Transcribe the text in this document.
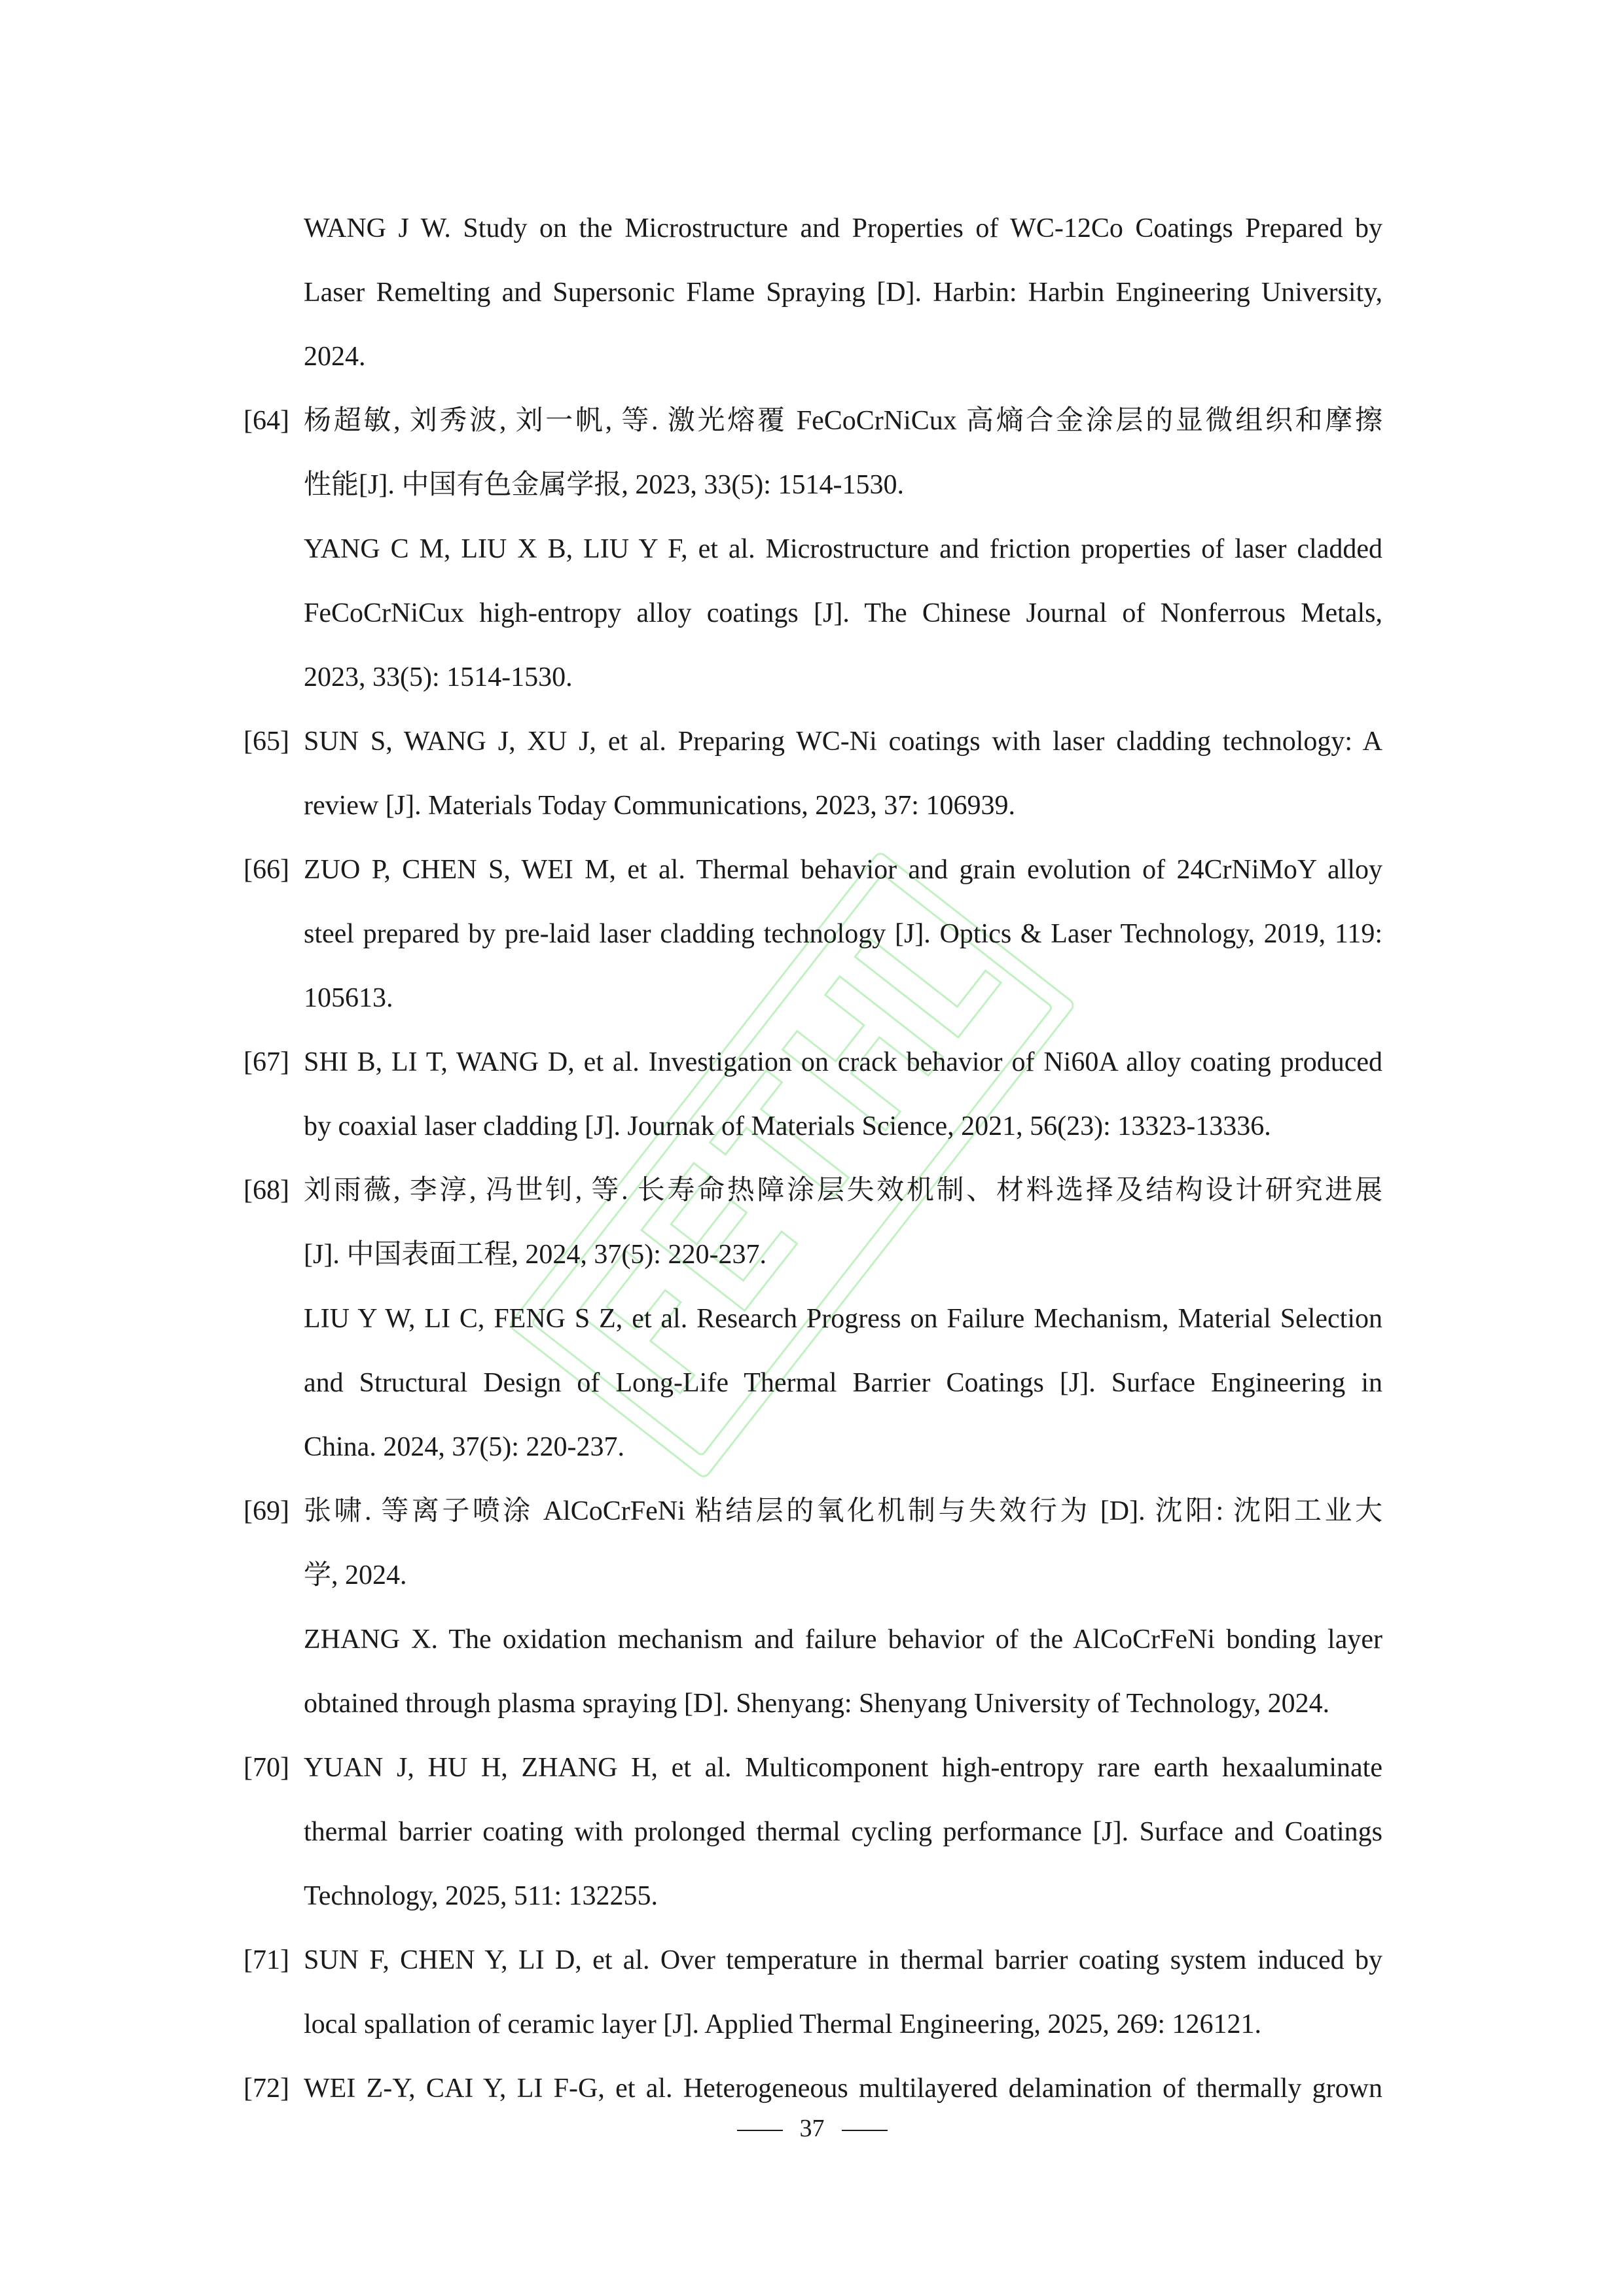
WANG J W. Study on the Microstructure and Properties of WC-12Co Coatings Prepared by
Laser Remelting and Supersonic Flame Spraying [D]. Harbin: Harbin Engineering University,
2024.
[64] 杨超敏, 刘秀波, 刘一帆, 等. 激光熔覆 FeCoCrNiCux 高熵合金涂层的显微组织和摩擦
性能[J]. 中国有色金属学报, 2023, 33(5): 1514-1530.
YANG C M, LIU X B, LIU Y F, et al. Microstructure and friction properties of laser cladded
FeCoCrNiCux high-entropy alloy coatings [J]. The Chinese Journal of Nonferrous Metals,
2023, 33(5): 1514-1530.
[65] SUN S, WANG J, XU J, et al. Preparing WC-Ni coatings with laser cladding technology: A
review [J]. Materials Today Communications, 2023, 37: 106939.
[66] ZUO P, CHEN S, WEI M, et al. Thermal behavior and grain evolution of 24CrNiMoY alloy
steel prepared by pre-laid laser cladding technology [J]. Optics & Laser Technology, 2019, 119:
105613.
[67] SHI B, LI T, WANG D, et al. Investigation on crack behavior of Ni60A alloy coating produced
by coaxial laser cladding [J]. Journak of Materials Science, 2021, 56(23): 13323-13336.
[68] 刘雨薇, 李淳, 冯世钊, 等. 长寿命热障涂层失效机制、材料选择及结构设计研究进展
[J]. 中国表面工程, 2024, 37(5): 220-237.
LIU Y W, LI C, FENG S Z, et al. Research Progress on Failure Mechanism, Material Selection
and Structural Design of Long-Life Thermal Barrier Coatings [J]. Surface Engineering in
China. 2024, 37(5): 220-237.
[69] 张啸. 等离子喷涂 AlCoCrFeNi 粘结层的氧化机制与失效行为 [D]. 沈阳: 沈阳工业大
学, 2024.
ZHANG X. The oxidation mechanism and failure behavior of the AlCoCrFeNi bonding layer
obtained through plasma spraying [D]. Shenyang: Shenyang University of Technology, 2024.
[70] YUAN J, HU H, ZHANG H, et al. Multicomponent high-entropy rare earth hexaaluminate
thermal barrier coating with prolonged thermal cycling performance [J]. Surface and Coatings
Technology, 2025, 511: 132255.
[71] SUN F, CHEN Y, LI D, et al. Over temperature in thermal barrier coating system induced by
local spallation of ceramic layer [J]. Applied Thermal Engineering, 2025, 269: 126121.
[72] WEI Z-Y, CAI Y, LI F-G, et al. Heterogeneous multilayered delamination of thermally grown
37
